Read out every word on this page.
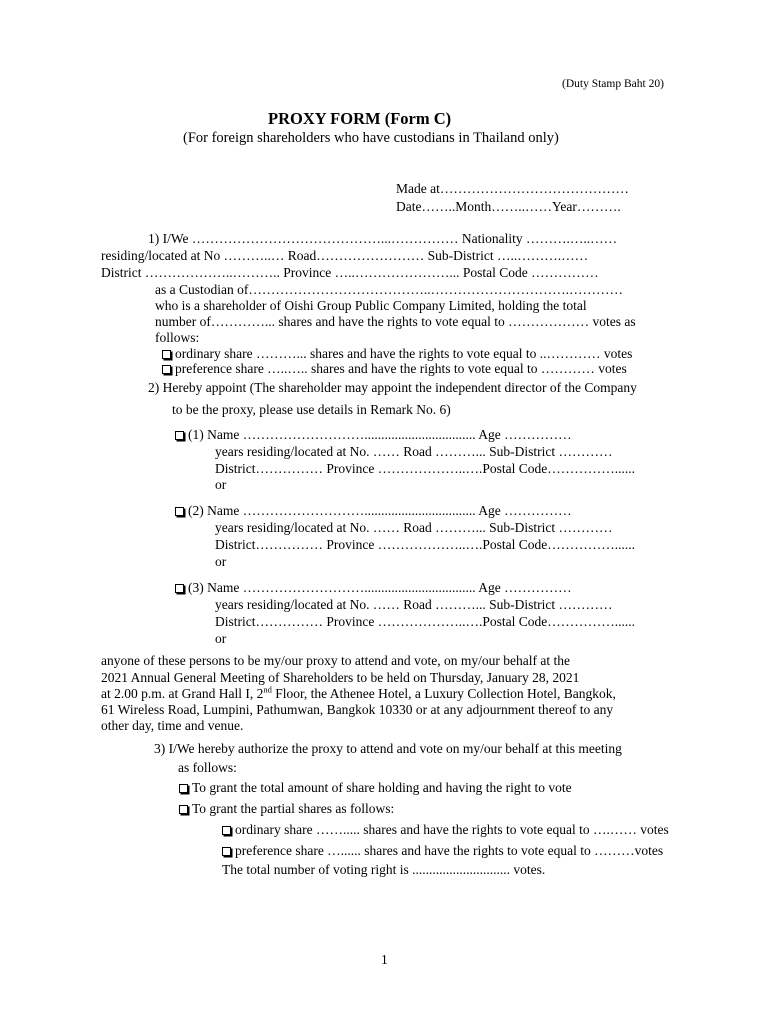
(Duty Stamp Baht 20)
PROXY FORM (Form C)
(For foreign shareholders who have custodians in Thailand only)
Made at……………………………………
Date……..Month……..……Year……….
1) I/We ……………………………………...…………… Nationality ……….…..……
residing/located at No ………..… Road…………………… Sub-District …..……….……
District ………………..……….. Province …..…………………... Postal Code ……………
as a Custodian of…………………………………..………………………….…………
who is a shareholder of Oishi Group Public Company Limited, holding the total
number of…………... shares and have the rights to vote equal to ……………… votes as
follows:
ordinary share ………... shares and have the rights to vote equal to ..………… votes
preference share …..….. shares and have the rights to vote equal to ………… votes
2) Hereby appoint (The shareholder may appoint the independent director of the Company
to be the proxy, please use details in Remark No. 6)
(1) Name ………………………................................. Age ……………
years residing/located at No. …… Road ………... Sub-District …………
District…………… Province ………………..….Postal Code……………......
or
(2) Name ………………………................................. Age ……………
years residing/located at No. …… Road ………... Sub-District …………
District…………… Province ………………..….Postal Code……………......
or
(3) Name ………………………................................. Age ……………
years residing/located at No. …… Road ………... Sub-District …………
District…………… Province ………………..….Postal Code……………......
or
anyone of these persons to be my/our proxy to attend and vote, on my/our behalf at the
2021 Annual General Meeting of Shareholders to be held on Thursday, January 28, 2021
at 2.00 p.m. at Grand Hall I, 2nd Floor, the Athenee Hotel, a Luxury Collection Hotel, Bangkok,
61 Wireless Road, Lumpini, Pathumwan, Bangkok 10330 or at any adjournment thereof to any
other day, time and venue.
3) I/We hereby authorize the proxy to attend and vote on my/our behalf at this meeting
as follows:
To grant the total amount of share holding and having the right to vote
To grant the partial shares as follows:
ordinary share ……..... shares and have the rights to vote equal to ….…… votes
preference share …...... shares and have the rights to vote equal to ………votes
The total number of voting right is ............................. votes.
1
